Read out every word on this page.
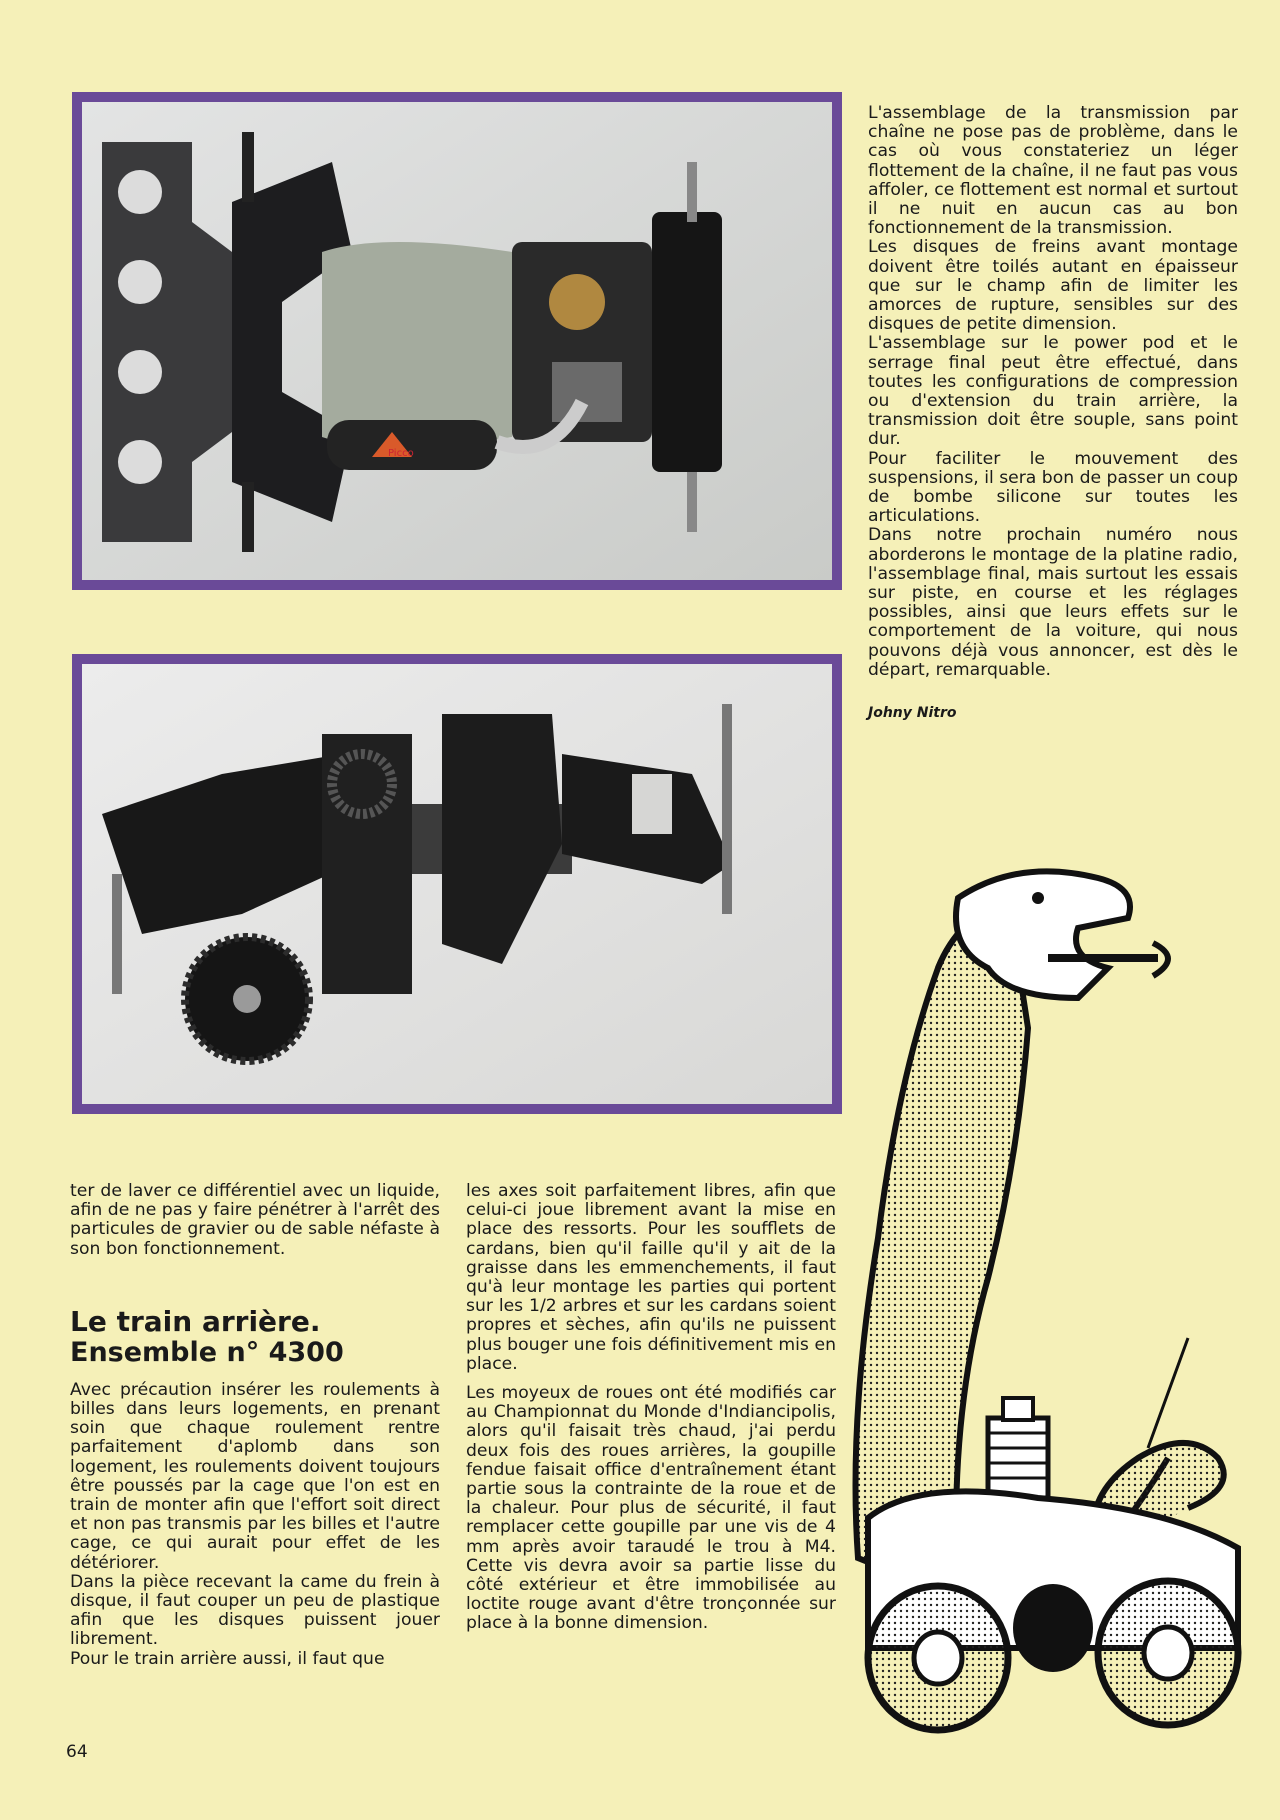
Picco

L'assemblage de la transmission par chaîne ne pose pas de problème, dans le cas où vous constateriez un léger flottement de la chaîne, il ne faut pas vous affoler, ce flottement est normal et surtout il ne nuit en aucun cas au bon fonctionnement de la transmission.

Les disques de freins avant montage doivent être toilés autant en épaisseur que sur le champ afin de limiter les amorces de rupture, sensibles sur des disques de petite dimension.

L'assemblage sur le power pod et le serrage final peut être effectué, dans toutes les configurations de compression ou d'extension du train arrière, la transmission doit être souple, sans point dur.

Pour faciliter le mouvement des suspensions, il sera bon de passer un coup de bombe silicone sur toutes les articulations.

Dans notre prochain numéro nous aborderons le montage de la platine radio, l'assemblage final, mais surtout les essais sur piste, en course et les réglages possibles, ainsi que leurs effets sur le comportement de la voiture, qui nous pouvons déjà vous annoncer, est dès le départ, remarquable.

Johny Nitro

ter de laver ce différentiel avec un liquide, afin de ne pas y faire pénétrer à l'arrêt des particules de gravier ou de sable néfaste à son bon fonctionnement.

Le train arrière.
Ensemble n° 4300

Avec précaution insérer les roulements à billes dans leurs logements, en prenant soin que chaque roulement rentre parfaitement d'aplomb dans son logement, les roulements doivent toujours être poussés par la cage que l'on est en train de monter afin que l'effort soit direct et non pas transmis par les billes et l'autre cage, ce qui aurait pour effet de les détériorer.

Dans la pièce recevant la came du frein à disque, il faut couper un peu de plastique afin que les disques puissent jouer librement.

Pour le train arrière aussi, il faut que

les axes soit parfaitement libres, afin que celui-ci joue librement avant la mise en place des ressorts. Pour les soufflets de cardans, bien qu'il faille qu'il y ait de la graisse dans les emmenchements, il faut qu'à leur montage les parties qui portent sur les 1/2 arbres et sur les cardans soient propres et sèches, afin qu'ils ne puissent plus bouger une fois définitivement mis en place.

Les moyeux de roues ont été modifiés car au Championnat du Monde d'Indiancipolis, alors qu'il faisait très chaud, j'ai perdu deux fois des roues arrières, la goupille fendue faisait office d'entraînement étant partie sous la contrainte de la roue et de la chaleur. Pour plus de sécurité, il faut remplacer cette goupille par une vis de 4 mm après avoir taraudé le trou à M4. Cette vis devra avoir sa partie lisse du côté extérieur et être immobilisée au loctite rouge avant d'être tronçonnée sur place à la bonne dimension.

64
